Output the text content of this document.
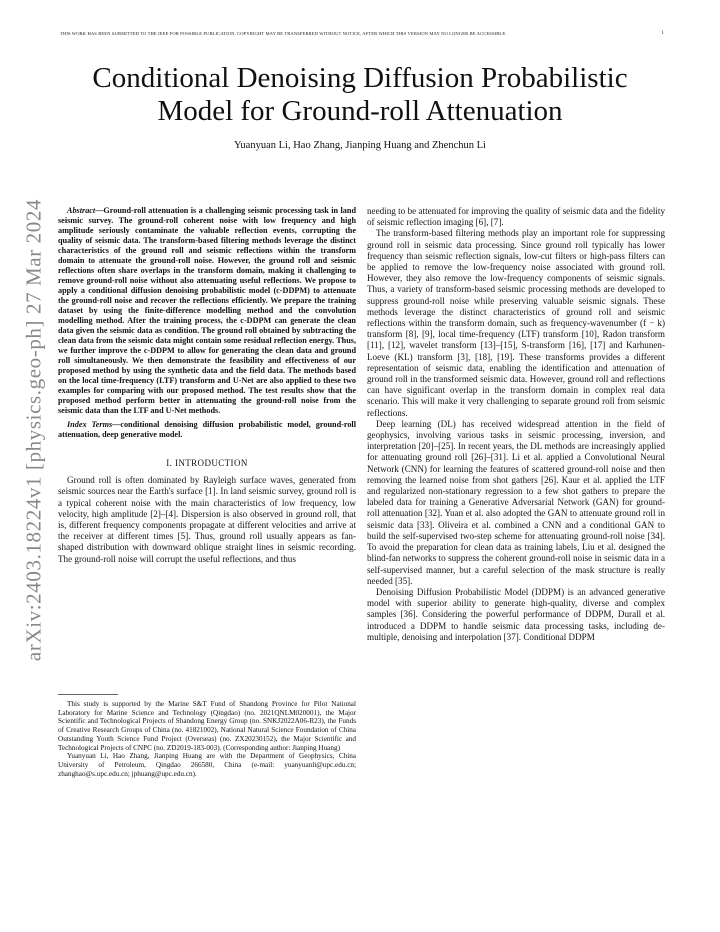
THIS WORK HAS BEEN SUBMITTED TO THE IEEE FOR POSSIBLE PUBLICATION. COPYRIGHT MAY BE TRANSFERRED WITHOUT NOTICE, AFTER WHICH THIS VERSION MAY NO LONGER BE ACCESSIBLE.	1
Conditional Denoising Diffusion Probabilistic
Model for Ground-roll Attenuation
Yuanyuan Li, Hao Zhang, Jianping Huang and Zhenchun Li
arXiv:2403.18224v1 [physics.geo-ph] 27 Mar 2024	Abstract—Ground-roll attenuation is a challenging seismic processing task in land seismic survey. The ground-roll coherent noise with low frequency and high amplitude seriously contaminate the valuable reflection events, corrupting the quality of seismic data. The transform-based filtering methods leverage the distinct characteristics of the ground roll and seismic reflections within the transform domain to attenuate the ground-roll noise. However, the ground roll and seismic reflections often share overlaps in the transform domain, making it challenging to remove ground-roll noise without also attenuating useful reflections. We propose to apply a conditional diffusion denoising probabilistic model (c-DDPM) to attenuate the ground-roll noise and recover the reflections efficiently. We prepare the training dataset by using the finite-difference modelling method and the convolution modelling method. After the training process, the c-DDPM can generate the clean data given the seismic data as condition. The ground roll obtained by subtracting the clean data from the seismic data might contain some residual reflection energy. Thus, we further improve the c-DDPM to allow for generating the clean data and ground roll simultaneously. We then demonstrate the feasibility and effectiveness of our proposed method by using the synthetic data and the field data. The methods based on the local time-frequency (LTF) transform and U-Net are also applied to these two examples for comparing with our proposed method. The test results show that the proposed method perform better in attenuating the ground-roll noise from the seismic data than the LTF and U-Net methods.

Index Terms—conditional denoising diffusion probabilistic model, ground-roll attenuation, deep generative model.

I. INTRODUCTION

Ground roll is often dominated by Rayleigh surface waves, generated from seismic sources near the Earth's surface [1]. In land seismic survey, ground roll is a typical coherent noise with the main characteristics of low frequency, low velocity, high amplitude [2]–[4]. Dispersion is also observed in ground roll, that is, different frequency components propagate at different velocities and arrive at the receiver at different times [5]. Thus, ground roll usually appears as fan-shaped distribution with downward oblique straight lines in seismic recording. The ground-roll noise will corrupt the useful reflections, and thus

This study is supported by the Marine S&T Fund of Shandong Province for Pilot National Laboratory for Marine Science and Technology (Qingdao) (no. 2021QNLM020001), the Major Scientific and Technological Projects of Shandong Energy Group (no. SNKJ2022A06-R23), the Funds of Creative Research Groups of China (no. 41821002), National Natural Science Foundation of China Outstanding Youth Science Fund Project (Overseas) (no. ZX20230152), the Major Scientific and Technological Projects of CNPC (no. ZD2019-183-003). (Corresponding author: Jianping Huang)

Yuanyuan Li, Hao Zhang, Jianping Huang are with the Department of Geophysics, China University of Petroleum, Qingdao 266580, China (e-mail: yuanyuanli@upc.edu.cn; zhanghao@s.upc.edu.cn; jphuang@upc.edu.cn).

needing to be attenuated for improving the quality of seismic data and the fidelity of seismic reflection imaging [6], [7].

The transform-based filtering methods play an important role for suppressing ground roll in seismic data processing. Since ground roll typically has lower frequency than seismic reflection signals, low-cut filters or high-pass filters can be applied to remove the low-frequency noise associated with ground roll. However, they also remove the low-frequency components of seismic signals. Thus, a variety of transform-based seismic processing methods are developed to suppress ground-roll noise while preserving valuable seismic signals. These methods leverage the distinct characteristics of ground roll and seismic reflections within the transform domain, such as frequency-wavenumber (f − k) transform [8], [9], local time-frequency (LTF) transform [10], Radon transform [11], [12], wavelet transform [13]–[15], S-transform [16], [17] and Karhunen-Loeve (KL) transform [3], [18], [19]. These transforms provides a different representation of seismic data, enabling the identification and attenuation of ground roll in the transformed seismic data. However, ground roll and reflections can have significant overlap in the transform domain in complex real data scenario. This will make it very challenging to separate ground roll from seismic reflections.

Deep learning (DL) has received widespread attention in the field of geophysics, involving various tasks in seismic processing, inversion, and interpretation [20]–[25]. In recent years, the DL methods are increasingly applied for attenuating ground roll [26]–[31]. Li et al. applied a Convolutional Neural Network (CNN) for learning the features of scattered ground-roll noise and then removing the learned noise from shot gathers [26]. Kaur et al. applied the LTF and regularized non-stationary regression to a few shot gathers to prepare the labeled data for training a Generative Adversarial Network (GAN) for ground-roll attenuation [32]. Yuan et al. also adopted the GAN to attenuate ground roll in seismic data [33]. Oliveira et al. combined a CNN and a conditional GAN to build the self-supervised two-step scheme for attenuating ground-roll noise [34]. To avoid the preparation for clean data as training labels, Liu et al. designed the blind-fan networks to suppress the coherent ground-roll noise in seismic data in a self-supervised manner, but a careful selection of the mask structure is really needed [35].

Denoising Diffusion Probabilistic Model (DDPM) is an advanced generative model with superior ability to generate high-quality, diverse and complex samples [36]. Considering the powerful performance of DDPM, Durall et al. introduced a DDPM to handle seismic data processing tasks, including de-multiple, denoising and interpolation [37]. Conditional DDPM
